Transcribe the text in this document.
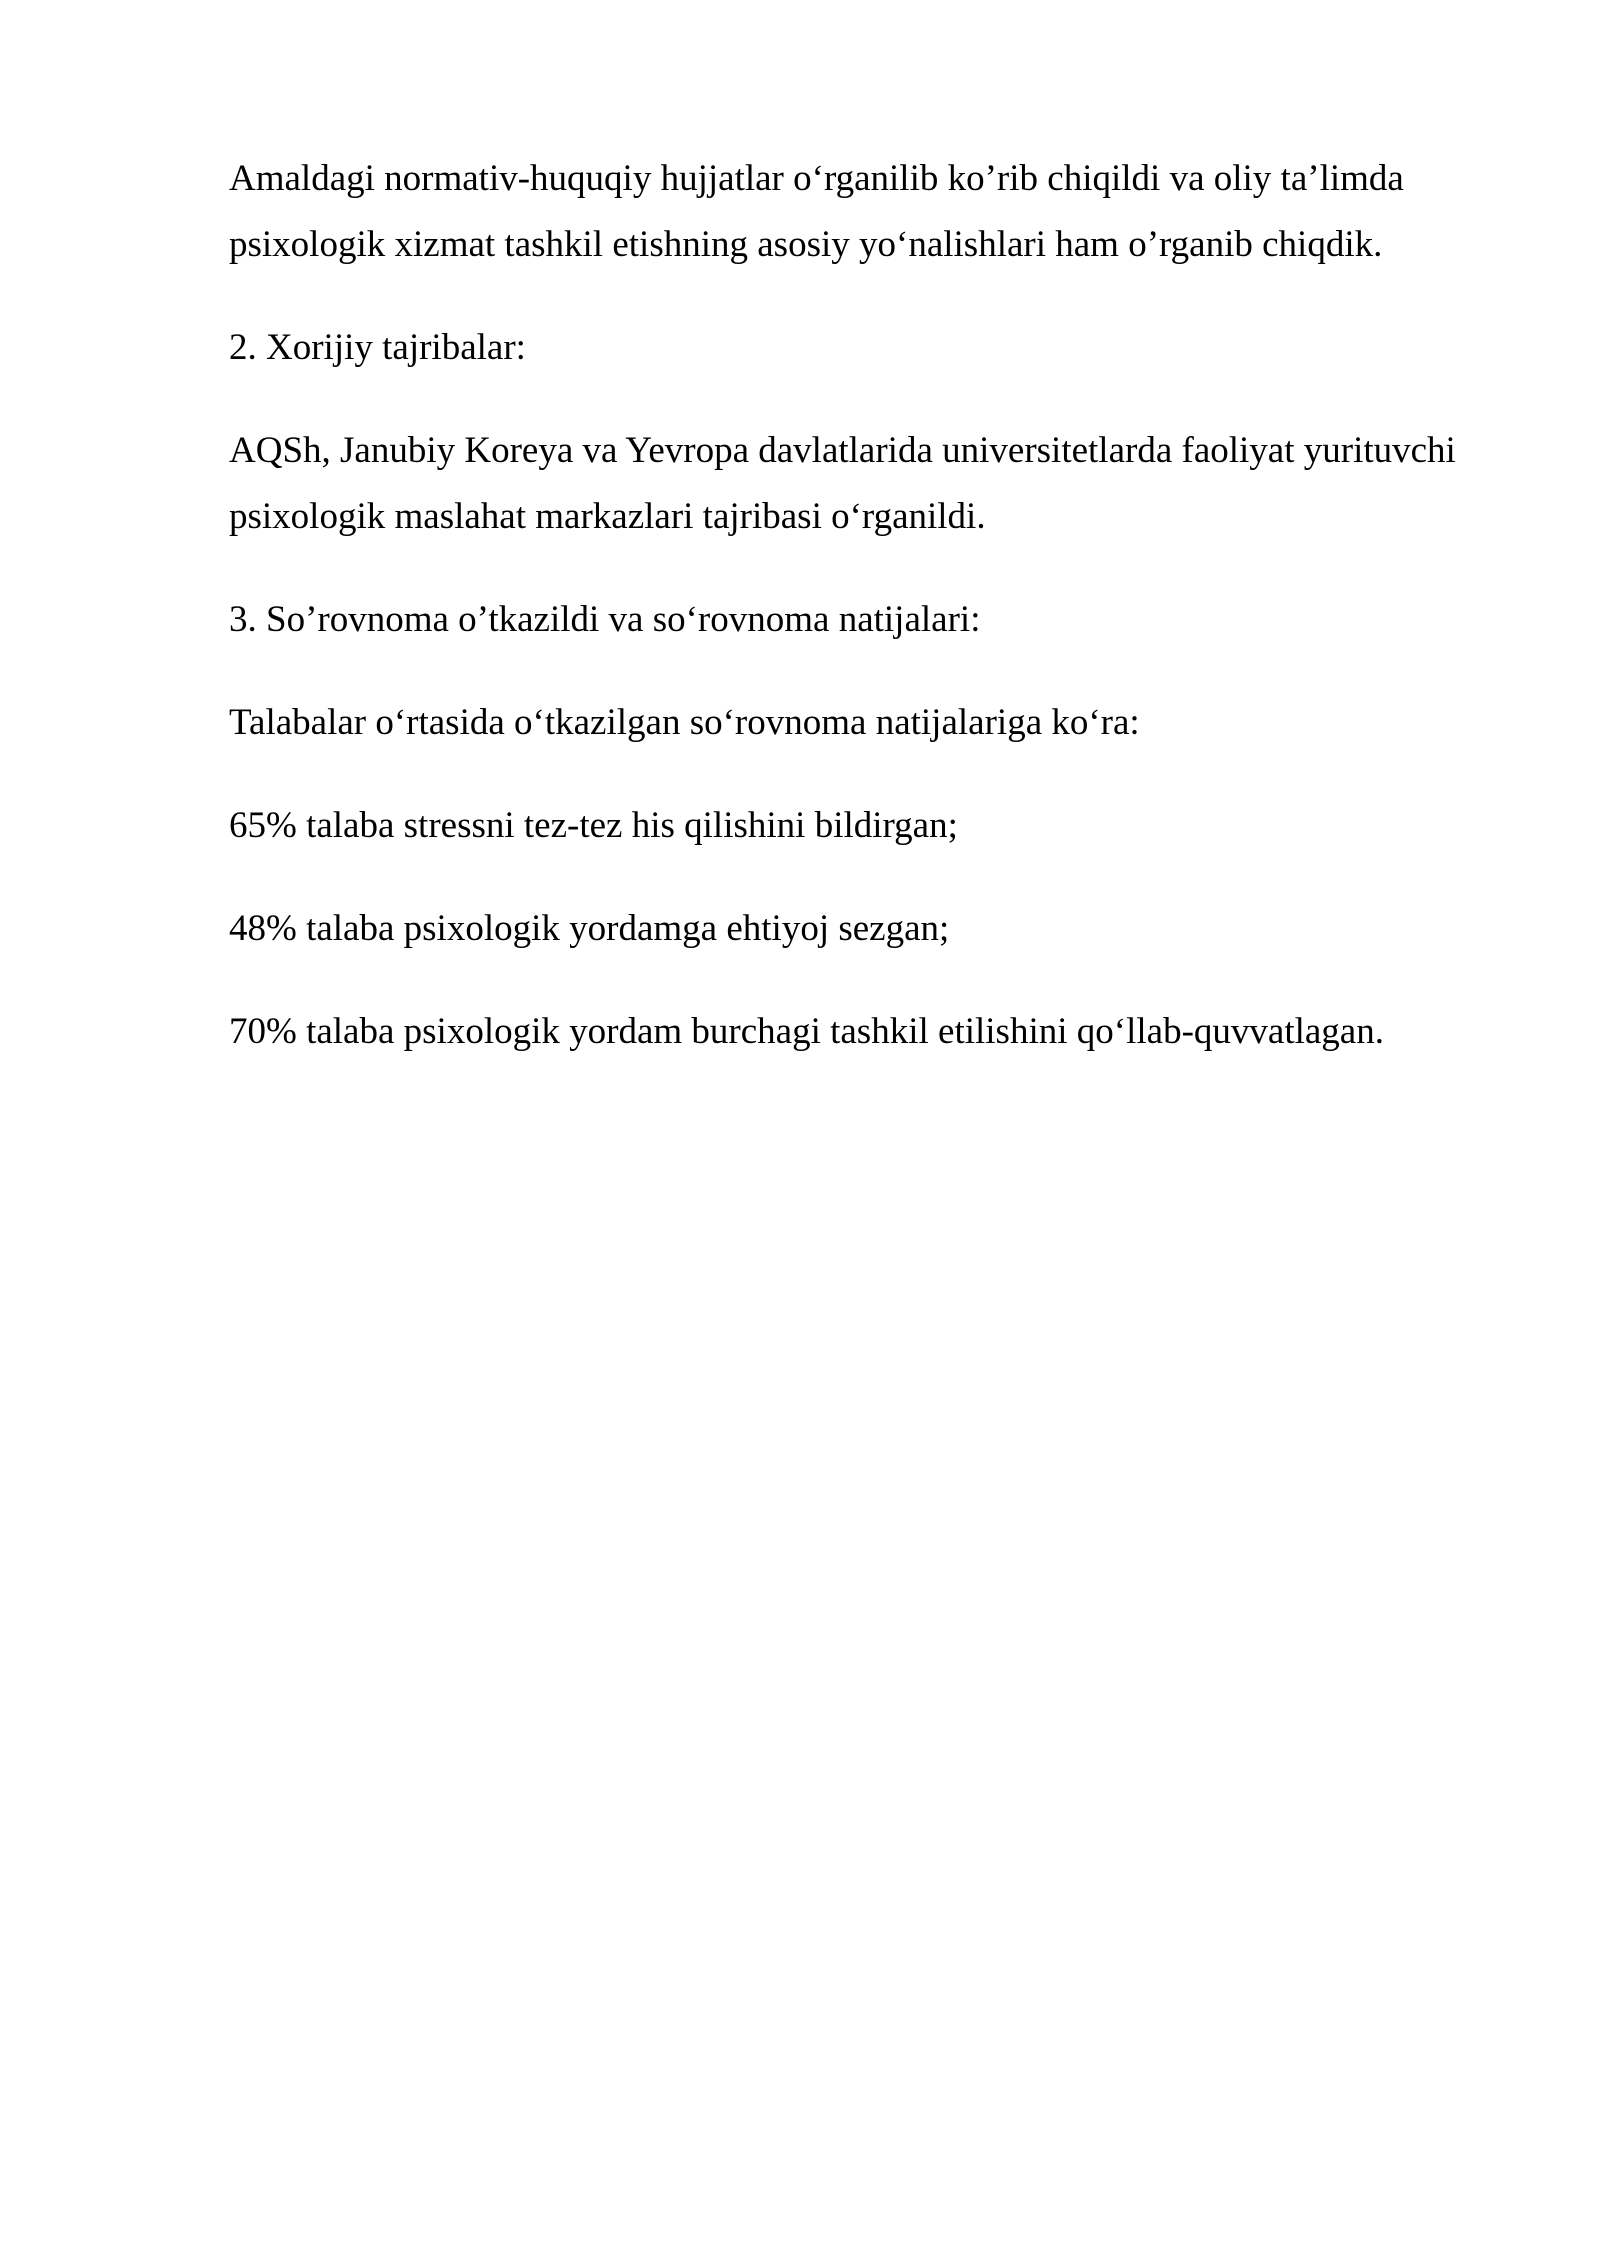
Amaldagi normativ-huquqiy hujjatlar o‘rganilib ko’rib chiqildi va oliy ta’limda

psixologik xizmat tashkil etishning asosiy yo‘nalishlari ham o’rganib chiqdik.

2. Xorijiy tajribalar:

AQSh, Janubiy Koreya va Yevropa davlatlarida universitetlarda faoliyat yurituvchi

psixologik maslahat markazlari tajribasi o‘rganildi.

3. So’rovnoma o’tkazildi va so‘rovnoma natijalari:

Talabalar o‘rtasida o‘tkazilgan so‘rovnoma natijalariga ko‘ra:

65% talaba stressni tez-tez his qilishini bildirgan;

48% talaba psixologik yordamga ehtiyoj sezgan;

70% talaba psixologik yordam burchagi tashkil etilishini qo‘llab-quvvatlagan.
